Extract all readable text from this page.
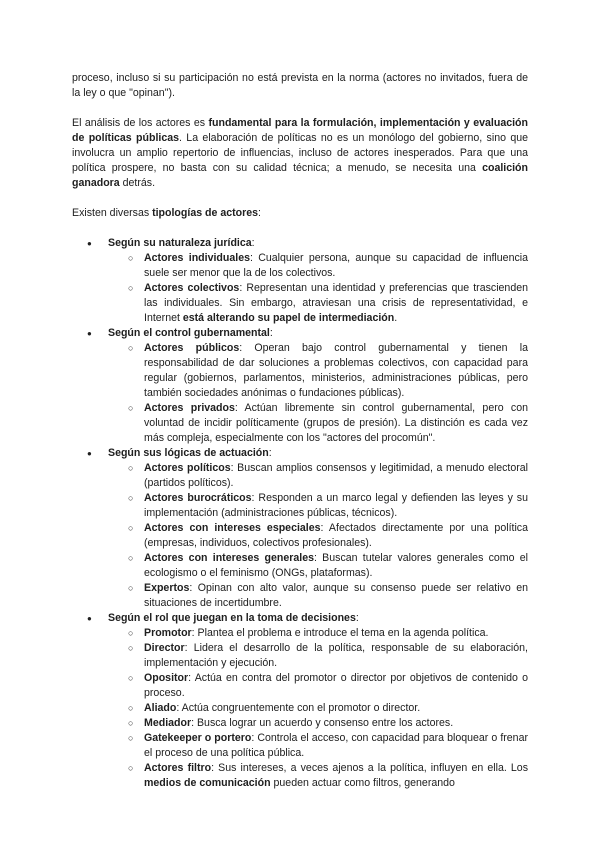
proceso, incluso si su participación no está prevista en la norma (actores no invitados, fuera de la ley o que "opinan").

El análisis de los actores es fundamental para la formulación, implementación y evaluación de políticas públicas. La elaboración de políticas no es un monólogo del gobierno, sino que involucra un amplio repertorio de influencias, incluso de actores inesperados. Para que una política prospere, no basta con su calidad técnica; a menudo, se necesita una coalición ganadora detrás.

Existen diversas tipologías de actores:

● Según su naturaleza jurídica:
○ Actores individuales: Cualquier persona, aunque su capacidad de influencia suele ser menor que la de los colectivos.
○ Actores colectivos: Representan una identidad y preferencias que trascienden las individuales. Sin embargo, atraviesan una crisis de representatividad, e Internet está alterando su papel de intermediación.
● Según el control gubernamental:
○ Actores públicos: Operan bajo control gubernamental y tienen la responsabilidad de dar soluciones a problemas colectivos, con capacidad para regular (gobiernos, parlamentos, ministerios, administraciones públicas, pero también sociedades anónimas o fundaciones públicas).
○ Actores privados: Actúan libremente sin control gubernamental, pero con voluntad de incidir políticamente (grupos de presión). La distinción es cada vez más compleja, especialmente con los "actores del procomún".
● Según sus lógicas de actuación:
○ Actores políticos: Buscan amplios consensos y legitimidad, a menudo electoral (partidos políticos).
○ Actores burocráticos: Responden a un marco legal y defienden las leyes y su implementación (administraciones públicas, técnicos).
○ Actores con intereses especiales: Afectados directamente por una política (empresas, individuos, colectivos profesionales).
○ Actores con intereses generales: Buscan tutelar valores generales como el ecologismo o el feminismo (ONGs, plataformas).
○ Expertos: Opinan con alto valor, aunque su consenso puede ser relativo en situaciones de incertidumbre.
● Según el rol que juegan en la toma de decisiones:
○ Promotor: Plantea el problema e introduce el tema en la agenda política.
○ Director: Lidera el desarrollo de la política, responsable de su elaboración, implementación y ejecución.
○ Opositor: Actúa en contra del promotor o director por objetivos de contenido o proceso.
○ Aliado: Actúa congruentemente con el promotor o director.
○ Mediador: Busca lograr un acuerdo y consenso entre los actores.
○ Gatekeeper o portero: Controla el acceso, con capacidad para bloquear o frenar el proceso de una política pública.
○ Actores filtro: Sus intereses, a veces ajenos a la política, influyen en ella. Los medios de comunicación pueden actuar como filtros, generando
